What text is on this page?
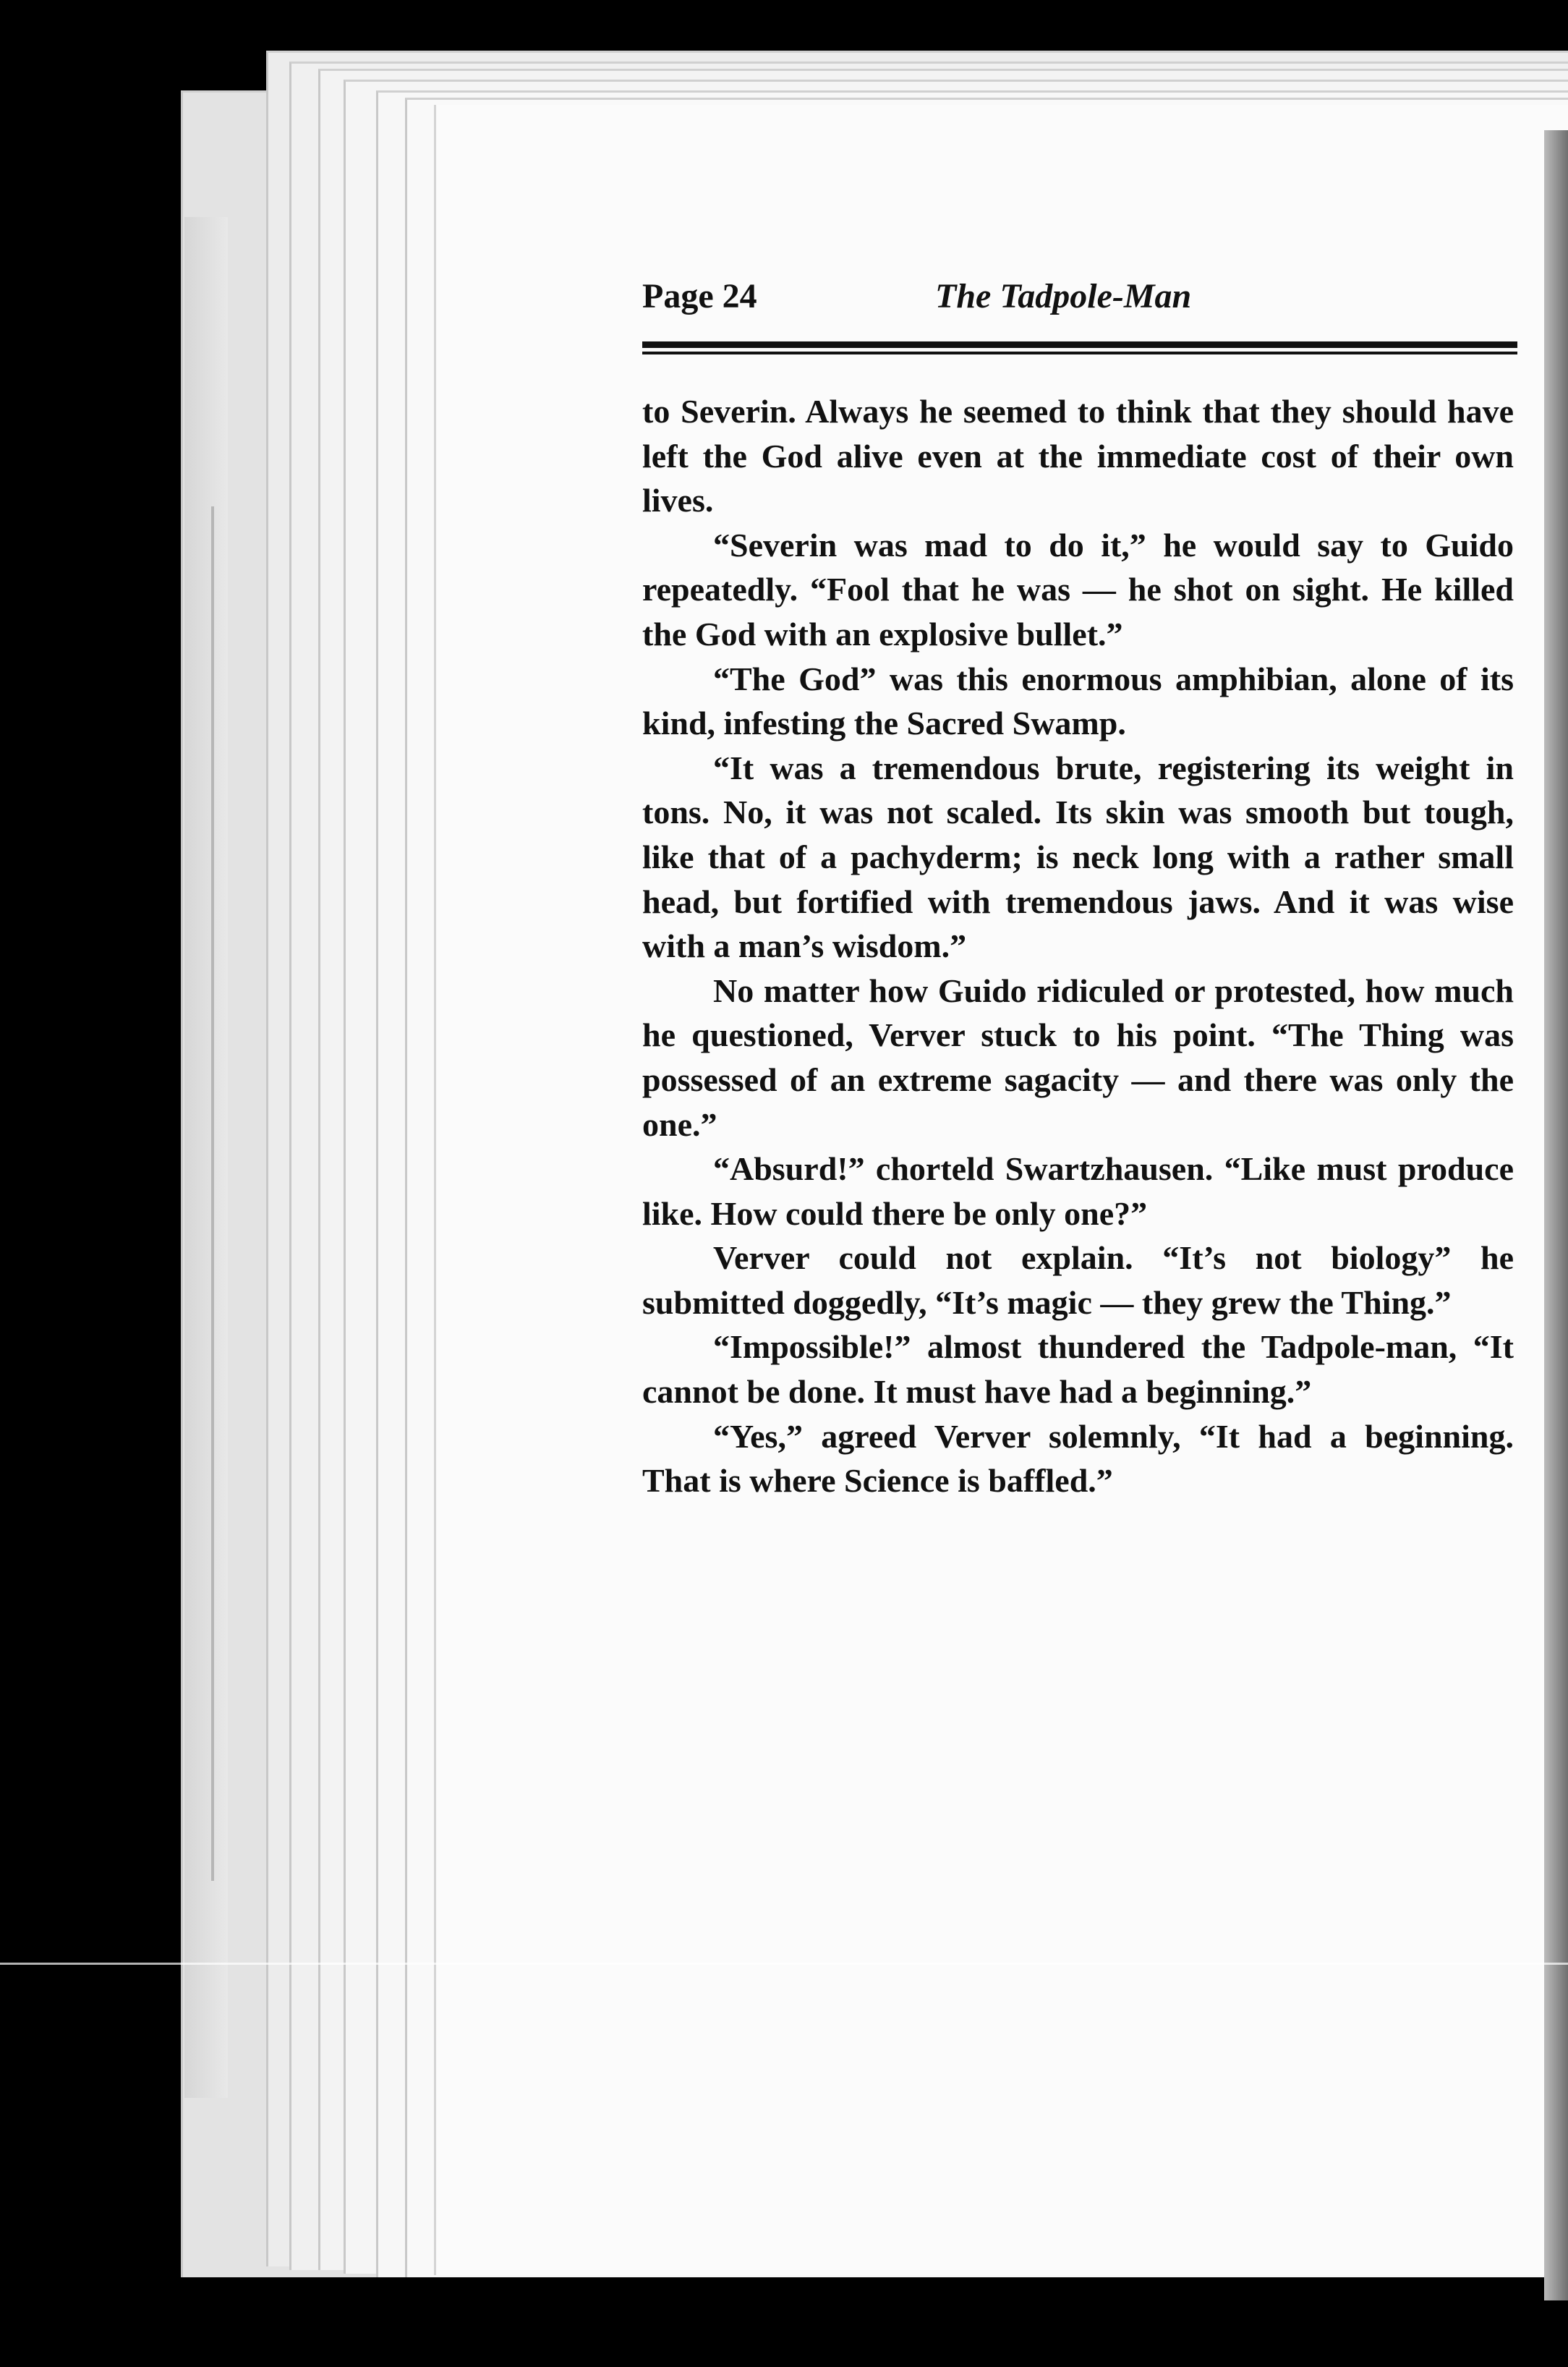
Page 24	The Tadpole-Man

to Severin. Always he seemed to think that they should have left the God alive even at the immediate cost of their own lives.

“Severin was mad to do it,” he would say to Guido repeatedly. “Fool that he was — he shot on sight. He killed the God with an explosive bullet.”

“The God” was this enormous amphibian, alone of its kind, infesting the Sacred Swamp.

“It was a tremendous brute, registering its weight in tons. No, it was not scaled. Its skin was smooth but tough, like that of a pachyderm; is neck long with a rather small head, but fortified with tremendous jaws. And it was wise with a man’s wisdom.”

No matter how Guido ridiculed or protested, how much he questioned, Verver stuck to his point. “The Thing was possessed of an extreme sagacity — and there was only the one.”

“Absurd!” chorteld Swartzhausen. “Like must produce like. How could there be only one?”

Verver could not explain. “It’s not biology” he submitted doggedly, “It’s magic — they grew the Thing.”

“Impossible!” almost thundered the Tadpole-man, “It cannot be done. It must have had a beginning.”

“Yes,” agreed Verver solemnly, “It had a beginning. That is where Science is baffled.”
